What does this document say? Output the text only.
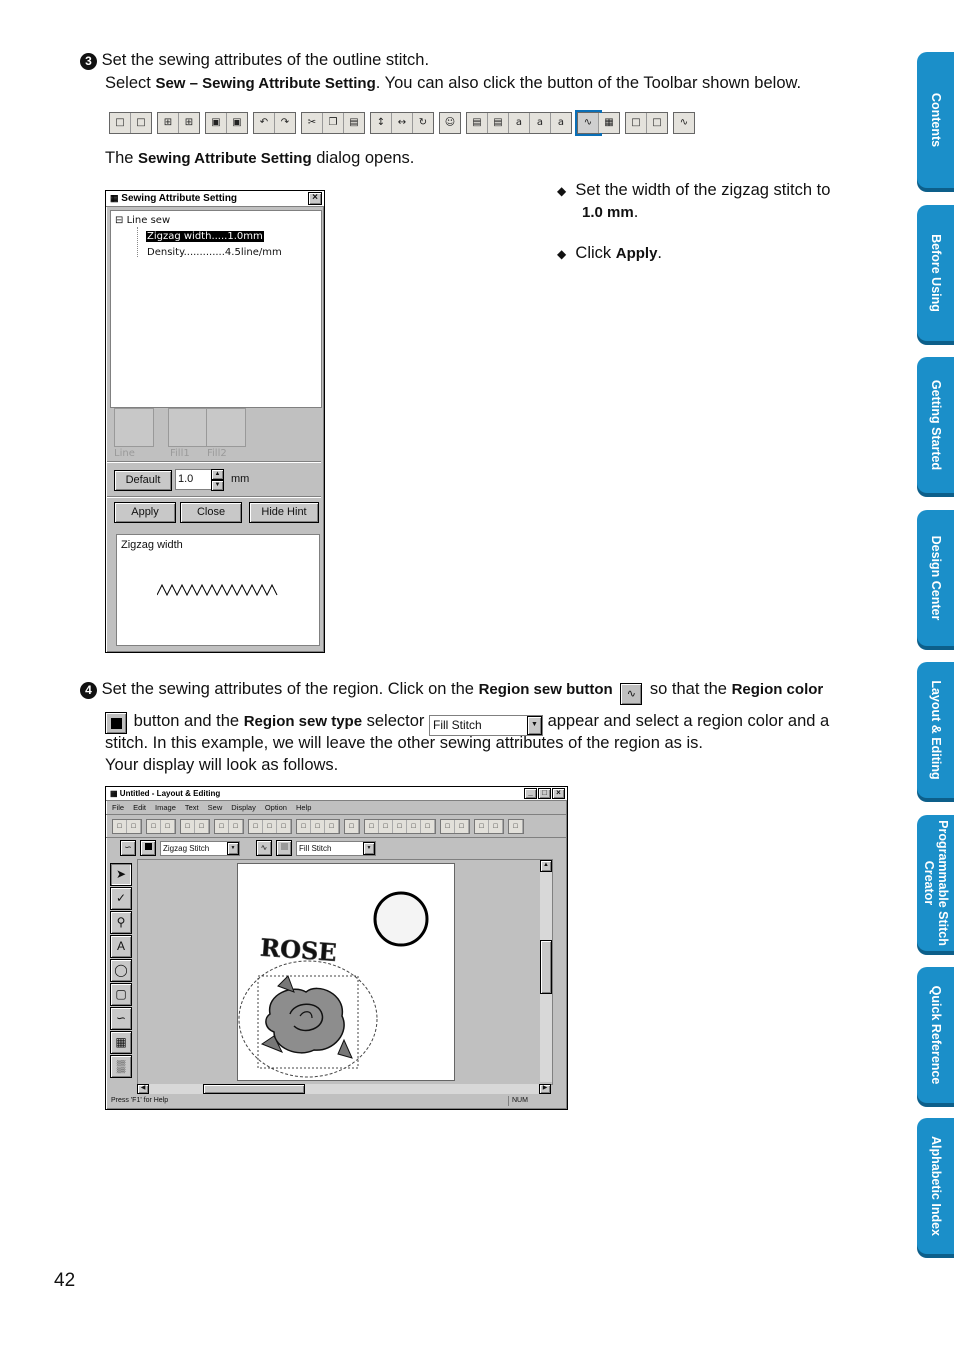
3 Set the sewing attributes of the outline stitch.
Select Sew – Sewing Attribute Setting. You can also click the button of the Toolbar shown below.
□	□	⊞	⊞	▣	▣	↶	↷	✂	❐	▤	↕	↔	↻	☺	▤	▤	a	a	a	∿	▦	□	□	∿
The Sewing Attribute Setting dialog opens.
▦ Sewing Attribute Setting	×
⊟ Line sew
Zigzag width.....1.0mm
Density.............4.5line/mm
Line	Fill1 Fill2
Default	1.0	▲
▼ mm
Apply	Close	Hide Hint
Zigzag width
◆ Set the width of the zigzag stitch to
1.0 mm.
◆ Click Apply.
4 Set the sewing attributes of the region. Click on the Region sew button ∿ so that the Region color
button and the Region sew type selector Fill Stitch	▼ appear and select a region color and a
stitch. In this example, we will leave the other sewing attributes of the region as is.
Your display will look as follows.
▦ Untitled - Layout & Editing	_	□	×
File Edit Image Text Sew Display Option Help
□	□	□	□	□	□	□	□	□	□	□	□	□	□	□	□	□	□	□	□	□	□	□	□	□
∽	Zigzag Stitch	▼	∿	Fill Stitch	▼
➤
✓
⚲
A
◯
▢
∽
▦
▒
ROSE
▲
◀	▶
Press 'F1' for Help	NUM
Contents
Before Using
Getting Started
Design Center
Layout & Editing
Programmable Stitch Creator
Quick Reference
Alphabetic Index
42
